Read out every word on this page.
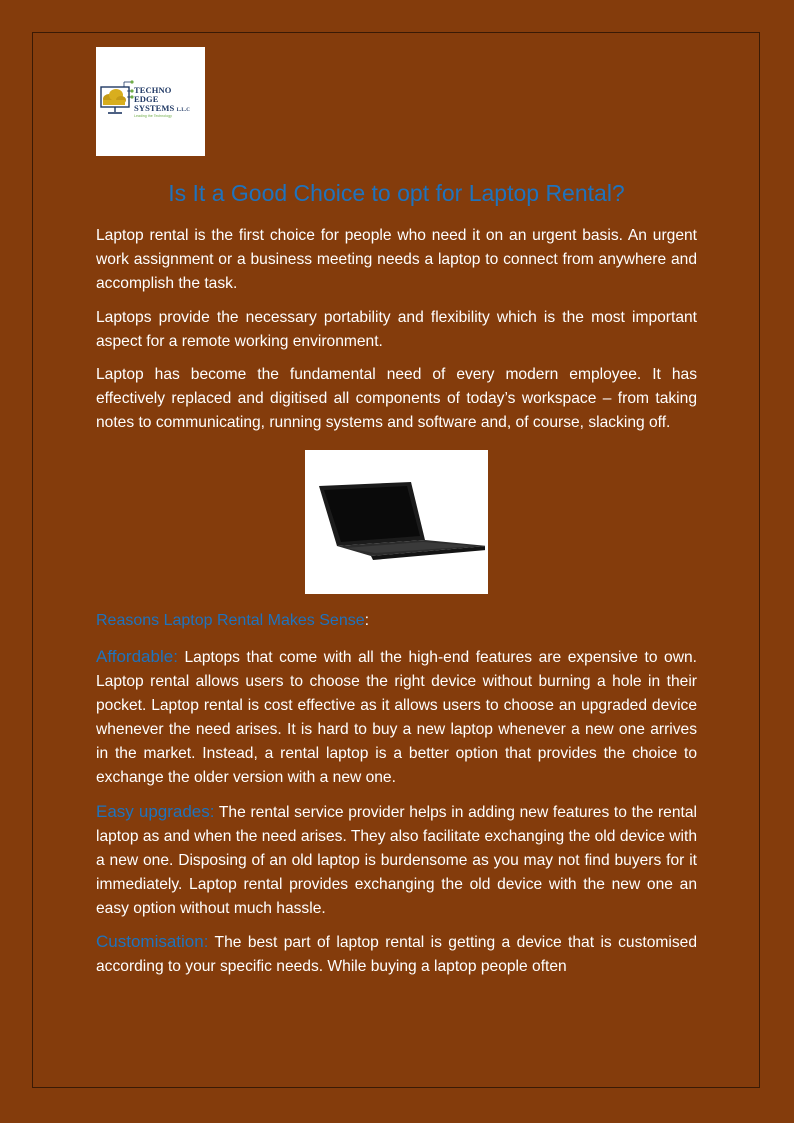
TECHNO
EDGE
SYSTEMS L.L.C
Leading the Technology
Is It a Good Choice to opt for Laptop Rental?

Laptop rental is the first choice for people who need it on an urgent basis. An urgent work assignment or a business meeting needs a laptop to connect from anywhere and accomplish the task.

Laptops provide the necessary portability and flexibility which is the most important aspect for a remote working environment.

Laptop has become the fundamental need of every modern employee. It has effectively replaced and digitised all components of today’s workspace – from taking notes to communicating, running systems and software and, of course, slacking off.

Reasons Laptop Rental Makes Sense:

Affordable: Laptops that come with all the high-end features are expensive to own. Laptop rental allows users to choose the right device without burning a hole in their pocket. Laptop rental is cost effective as it allows users to choose an upgraded device whenever the need arises. It is hard to buy a new laptop whenever a new one arrives in the market. Instead, a rental laptop is a better option that provides the choice to exchange the older version with a new one.

Easy upgrades: The rental service provider helps in adding new features to the rental laptop as and when the need arises. They also facilitate exchanging the old device with a new one. Disposing of an old laptop is burdensome as you may not find buyers for it immediately. Laptop rental provides exchanging the old device with the new one an easy option without much hassle.

Customisation: The best part of laptop rental is getting a device that is customised according to your specific needs. While buying a laptop people often
